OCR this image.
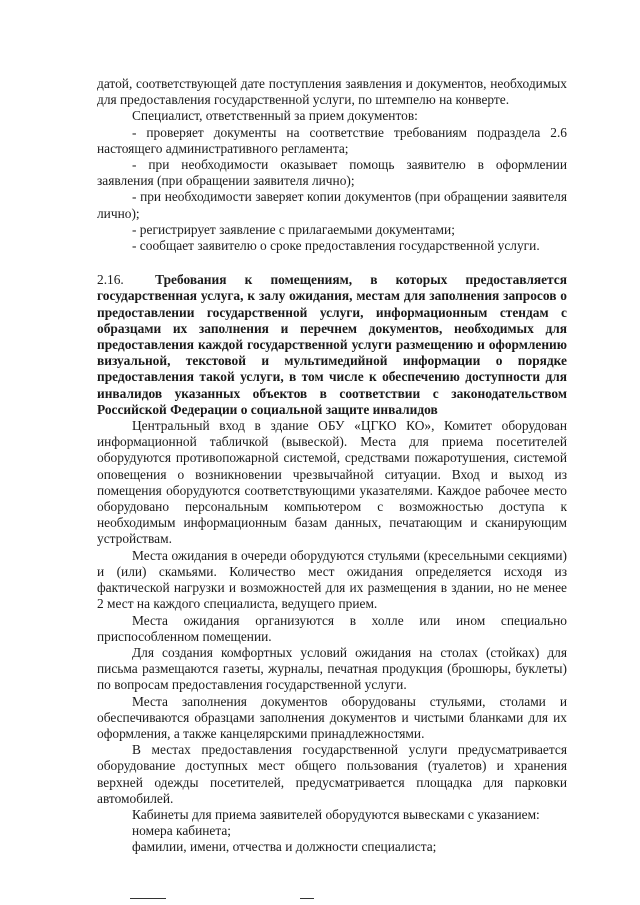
датой, соответствующей дате поступления заявления и документов, необходимых для предоставления государственной услуги, по штемпелю на конверте.

Специалист, ответственный за прием документов:

- проверяет документы на соответствие требованиям подраздела 2.6 настоящего административного регламента;

- при необходимости оказывает помощь заявителю в оформлении заявления (при обращении заявителя лично);

- при необходимости заверяет копии документов (при обращении заявителя лично);

- регистрирует заявление с прилагаемыми документами;

- сообщает заявителю о сроке предоставления государственной услуги.

2.16. Требования к помещениям, в которых предоставляется государственная услуга, к залу ожидания, местам для заполнения запросов о предоставлении государственной услуги, информационным стендам с образцами их заполнения и перечнем документов, необходимых для предоставления каждой государственной услуги размещению и оформлению визуальной, текстовой и мультимедийной информации о порядке предоставления такой услуги, в том числе к обеспечению доступности для инвалидов указанных объектов в соответствии с законодательством Российской Федерации о социальной защите инвалидов

Центральный вход в здание ОБУ «ЦГКО КО», Комитет оборудован информационной табличкой (вывеской). Места для приема посетителей оборудуются противопожарной системой, средствами пожаротушения, системой оповещения о возникновении чрезвычайной ситуации. Вход и выход из помещения оборудуются соответствующими указателями. Каждое рабочее место оборудовано персональным компьютером с возможностью доступа к необходимым информационным базам данных, печатающим и сканирующим устройствам.

Места ожидания в очереди оборудуются стульями (кресельными секциями) и (или) скамьями. Количество мест ожидания определяется исходя из фактической нагрузки и возможностей для их размещения в здании, но не менее 2 мест на каждого специалиста, ведущего прием.

Места ожидания организуются в холле или ином специально приспособленном помещении.

Для создания комфортных условий ожидания на столах (стойках) для письма размещаются газеты, журналы, печатная продукция (брошюры, буклеты) по вопросам предоставления государственной услуги.

Места заполнения документов оборудованы стульями, столами и обеспечиваются образцами заполнения документов и чистыми бланками для их оформления, а также канцелярскими принадлежностями.

В местах предоставления государственной услуги предусматривается оборудование доступных мест общего пользования (туалетов) и хранения верхней одежды посетителей, предусматривается площадка для парковки автомобилей.

Кабинеты для приема заявителей оборудуются вывесками с указанием:

номера кабинета;

фамилии, имени, отчества и должности специалиста;
